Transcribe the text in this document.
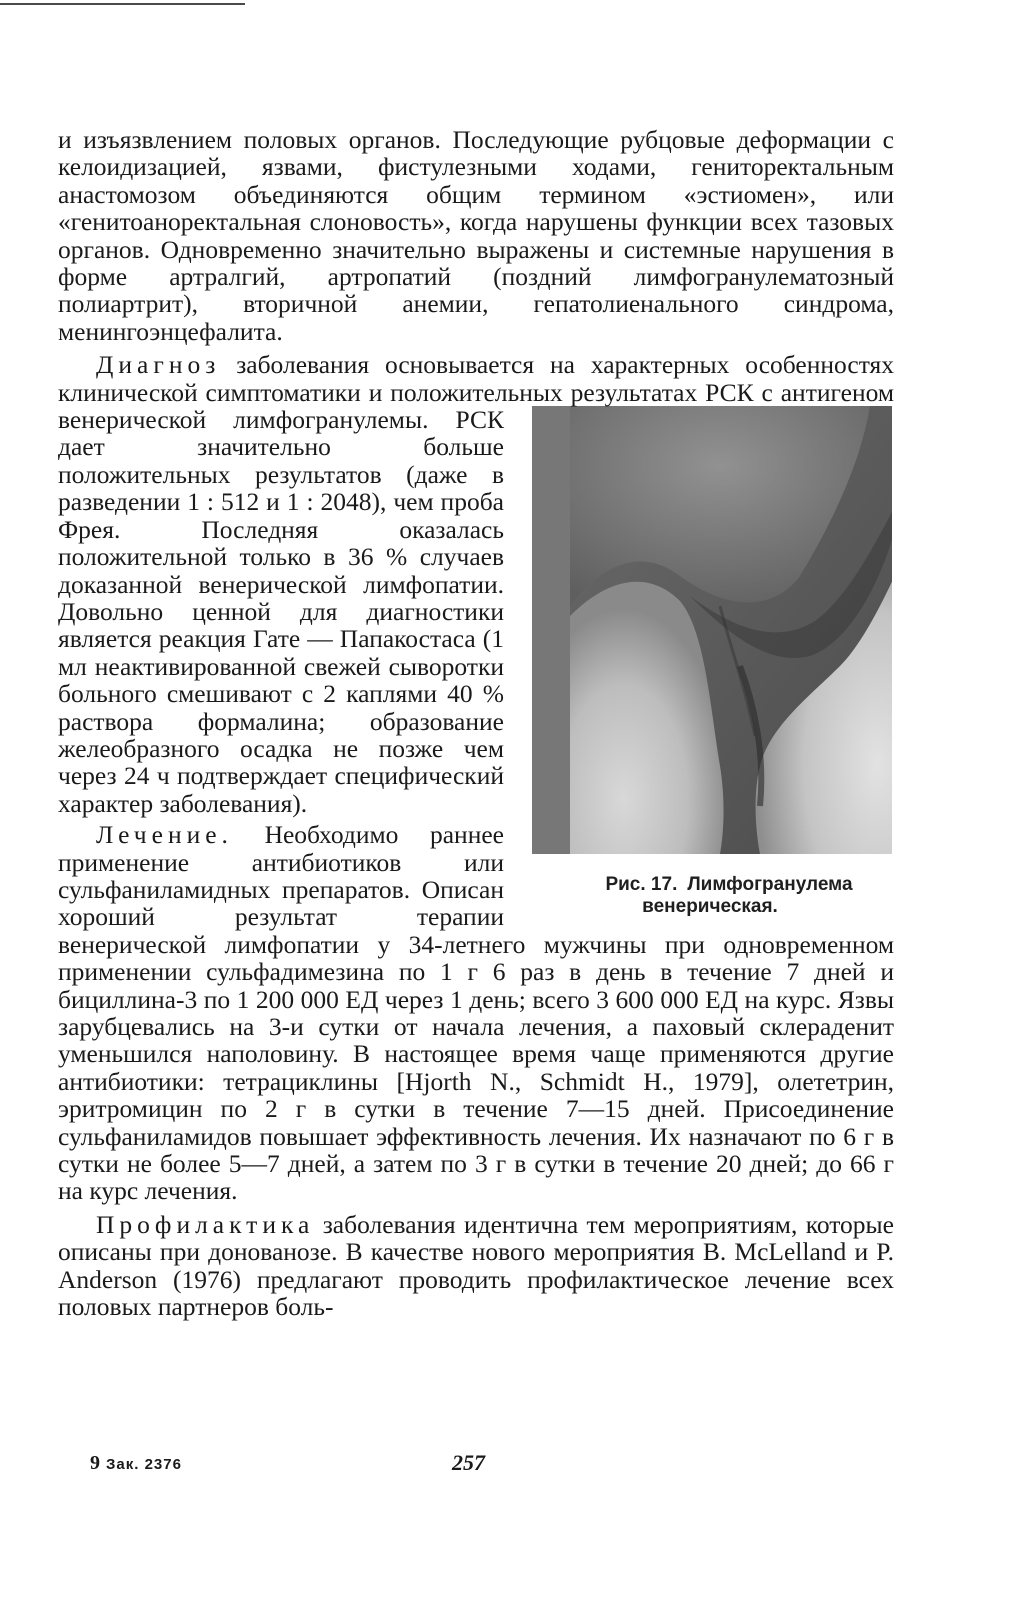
и изъязвлением половых органов. Последующие рубцовые деформации с келоидизацией, язвами, фистулезными ходами, гениторектальным анастомозом объединяются общим термином «эстиомен», или «генитоаноректальная слоновость», когда нарушены функции всех тазовых органов. Одновременно значительно выражены и системные нарушения в форме артралгий, артропатий (поздний лимфогранулематозный полиартрит), вторичной анемии, гепатолиенального синдрома, менингоэнцефалита.

Диагноз заболевания основывается на характерных особенностях клинической симптоматики и положительных
Рис. 17. Лимфогранулема венерическая.
результатах РСК с антигеном венерической лимфогранулемы. РСК дает значительно больше положительных результатов (даже в разведении 1 : 512 и 1 : 2048), чем проба Фрея. Последняя оказалась положительной только в 36 % случаев доказанной венерической лимфопатии. Довольно ценной для диагностики является реакция Гате — Папакостаса (1 мл неактивированной свежей сыворотки больного смешивают с 2 каплями 40 % раствора формалина; образование желеобразного осадка не позже чем через 24 ч подтверждает специфический характер заболевания).

Лечение. Необходимо раннее применение антибиотиков или сульфаниламидных препаратов. Описан хороший результат терапии венерической лимфопатии у 34-летнего мужчины при одновременном применении сульфадимезина по 1 г 6 раз в день в течение 7 дней и бициллина-3 по 1 200 000 ЕД через 1 день; всего 3 600 000 ЕД на курс. Язвы зарубцевались на 3-и сутки от начала лечения, а паховый склераденит уменьшился наполовину. В настоящее время чаще применяются другие антибиотики: тетрациклины [Hjorth N., Schmidt H., 1979], олететрин, эритромицин по 2 г в сутки в течение 7—15 дней. Присоединение сульфаниламидов повышает эффективность лечения. Их назначают по 6 г в сутки не более 5—7 дней, а затем по 3 г в сутки в течение 20 дней; до 66 г на курс лечения.

Профилактика заболевания идентична тем мероприятиям, которые описаны при донованозе. В качестве нового мероприятия B. McLelland и P. Anderson (1976) предлагают проводить профилактическое лечение всех половых партнеров боль-

9 Зак. 2376	257
